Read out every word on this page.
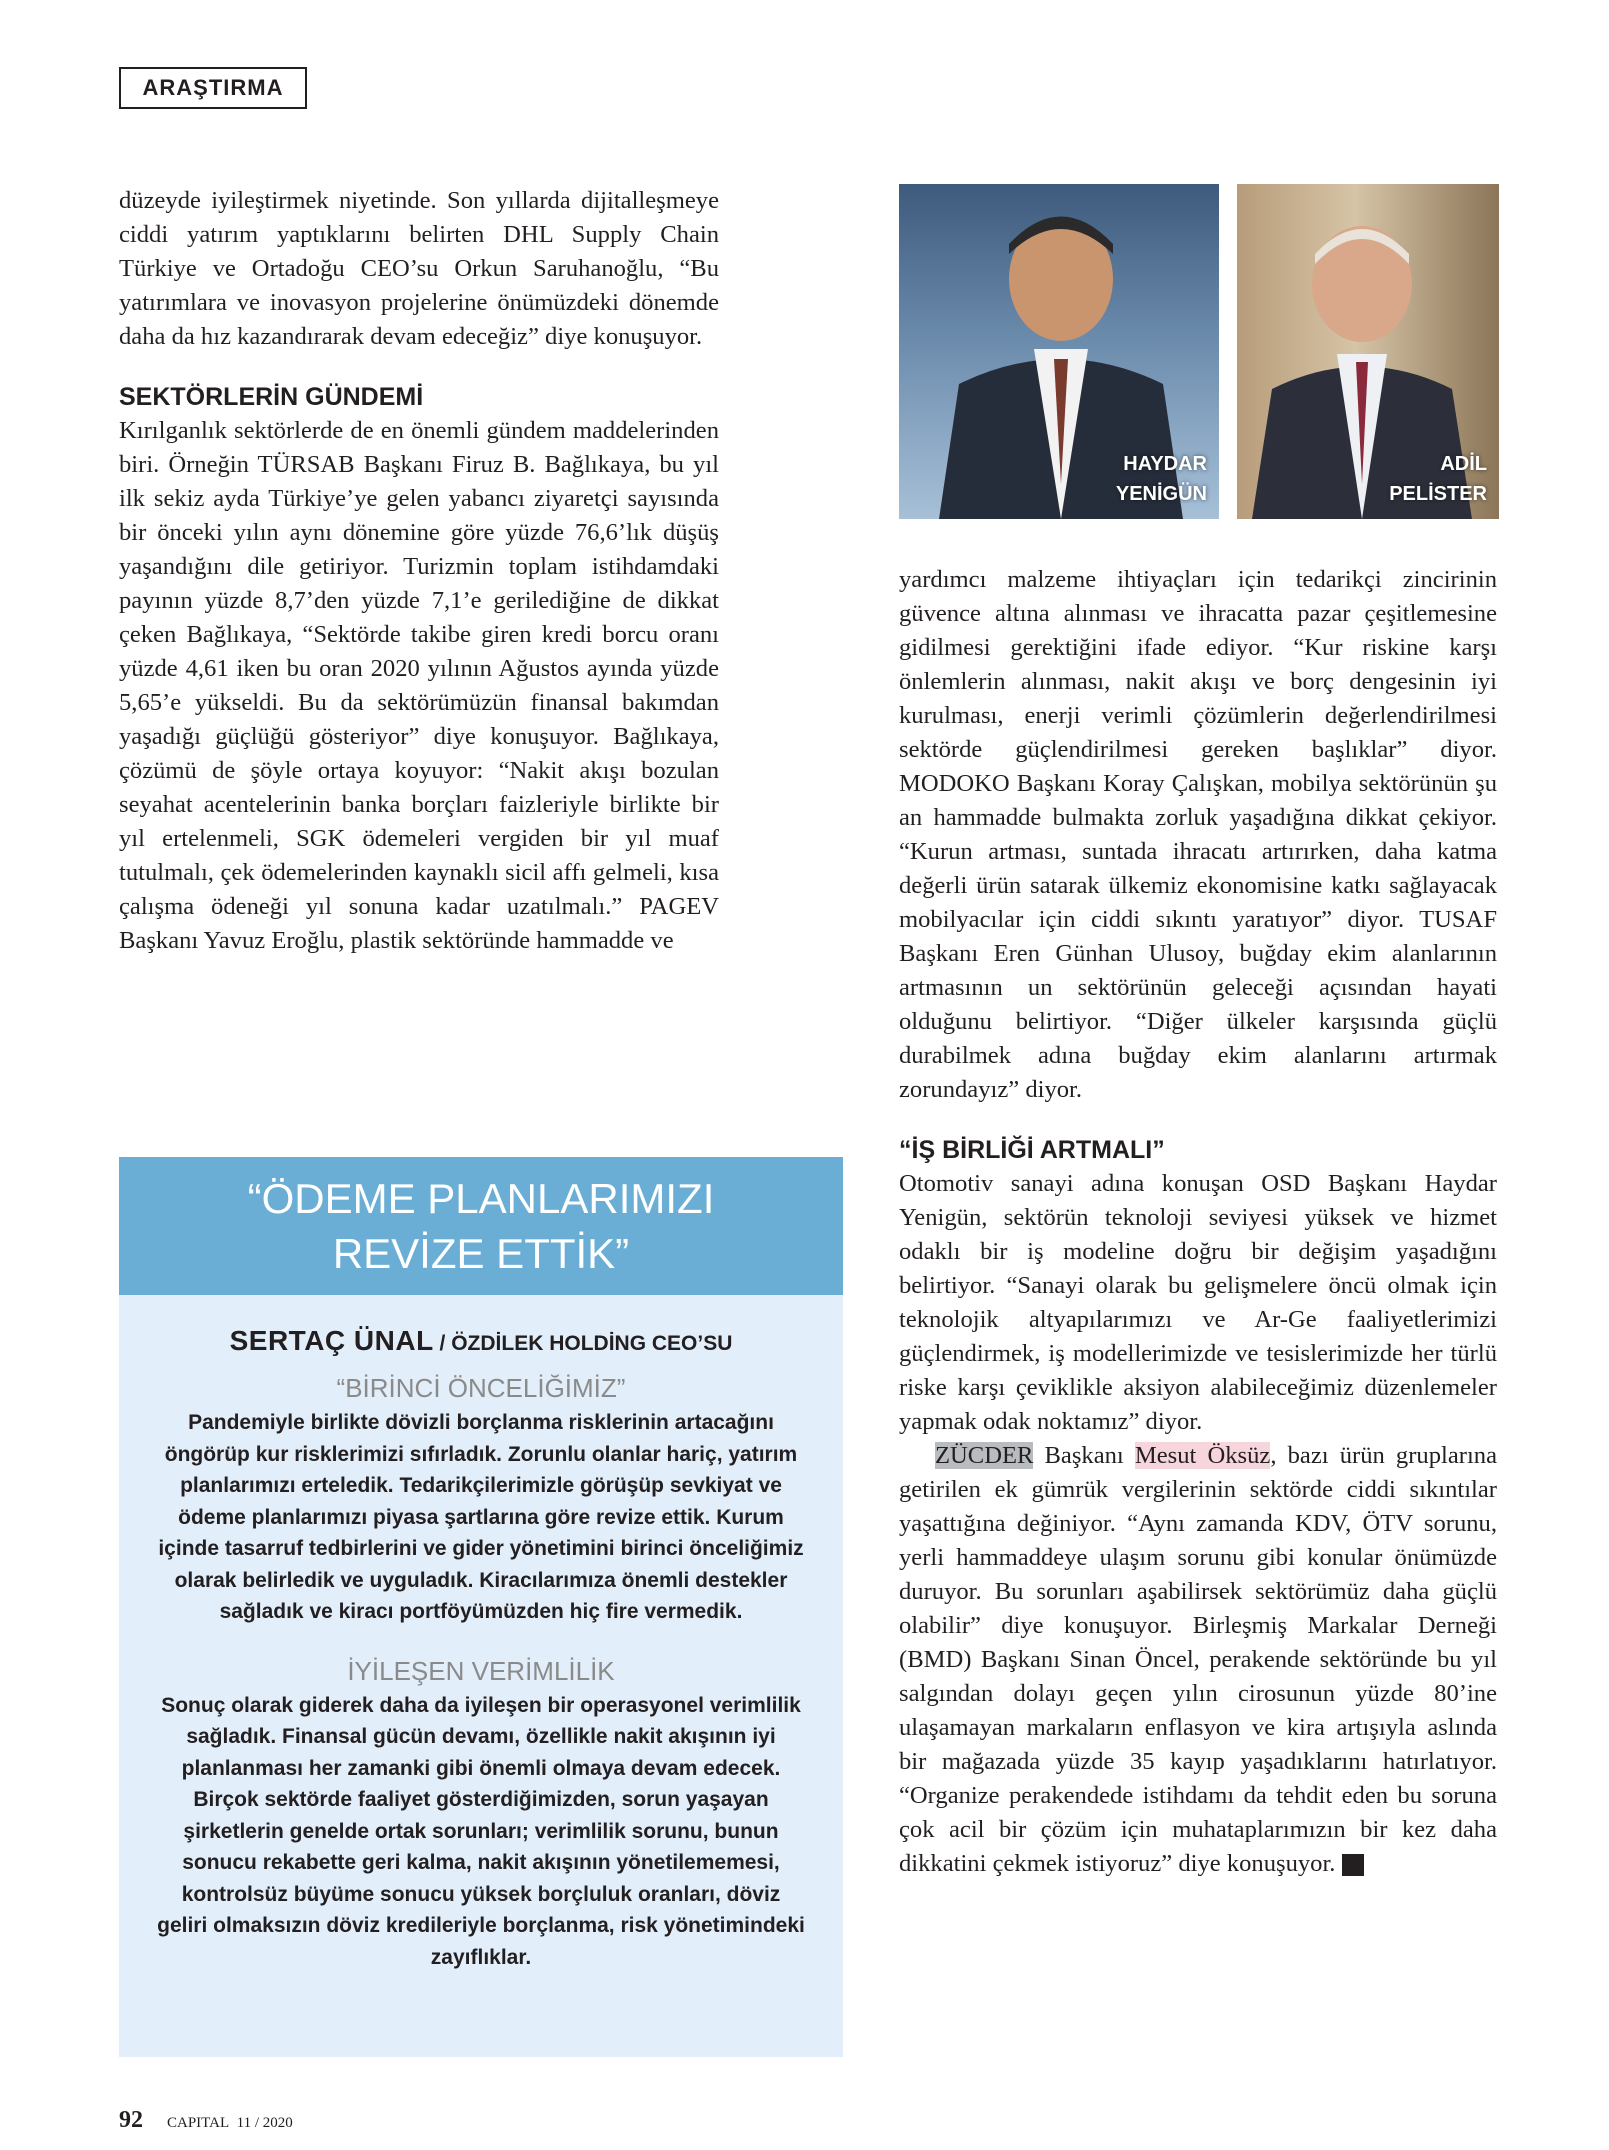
ARAŞTIRMA

düzeyde iyileştirmek niyetinde. Son yıllarda dijitalleşmeye ciddi yatırım yaptıklarını belirten DHL Supply Chain Türkiye ve Ortadoğu CEO’su Orkun Saruhanoğlu, “Bu yatırımlara ve inovasyon projelerine önümüzdeki dönemde daha da hız kazandırarak devam edeceğiz” diye konuşuyor.

SEKTÖRLERİN GÜNDEMİ

Kırılganlık sektörlerde de en önemli gündem maddelerinden biri. Örneğin TÜRSAB Başkanı Firuz B. Bağlıkaya, bu yıl ilk sekiz ayda Türkiye’ye gelen yabancı ziyaretçi sayısında bir önceki yılın aynı dönemine göre yüzde 76,6’lık düşüş yaşandığını dile getiriyor. Turizmin toplam istihdamdaki payının yüzde 8,7’den yüzde 7,1’e gerilediğine de dikkat çeken Bağlıkaya, “Sektörde takibe giren kredi borcu oranı yüzde 4,61 iken bu oran 2020 yılının Ağustos ayında yüzde 5,65’e yükseldi. Bu da sektörümüzün finansal bakımdan yaşadığı güçlüğü gösteriyor” diye konuşuyor. Bağlıkaya, çözümü de şöyle ortaya koyuyor: “Nakit akışı bozulan seyahat acentelerinin banka borçları faizleriyle birlikte bir yıl ertelenmeli, SGK ödemeleri vergiden bir yıl muaf tutulmalı, çek ödemelerinden kaynaklı sicil affı gelmeli, kısa çalışma ödeneği yıl sonuna kadar uzatılmalı.” PAGEV Başkanı Yavuz Eroğlu, plastik sektöründe hammadde ve

HAYDAR
YENİGÜN
ADİL
PELİSTER

yardımcı malzeme ihtiyaçları için tedarikçi zincirinin güvence altına alınması ve ihracatta pazar çeşitlemesine gidilmesi gerektiğini ifade ediyor. “Kur riskine karşı önlemlerin alınması, nakit akışı ve borç dengesinin iyi kurulması, enerji verimli çözümlerin değerlendirilmesi sektörde güçlendirilmesi gereken başlıklar” diyor. MODOKO Başkanı Koray Çalışkan, mobilya sektörünün şu an hammadde bulmakta zorluk yaşadığına dikkat çekiyor. “Kurun artması, suntada ihracatı artırırken, daha katma değerli ürün satarak ülkemiz ekonomisine katkı sağlayacak mobilyacılar için ciddi sıkıntı yaratıyor” diyor. TUSAF Başkanı Eren Günhan Ulusoy, buğday ekim alanlarının artmasının un sektörünün geleceği açısından hayati olduğunu belirtiyor. “Diğer ülkeler karşısında güçlü durabilmek adına buğday ekim alanlarını artırmak zorundayız” diyor.

“İŞ BİRLİĞİ ARTMALI”

Otomotiv sanayi adına konuşan OSD Başkanı Haydar Yenigün, sektörün teknoloji seviyesi yüksek ve hizmet odaklı bir iş modeline doğru bir değişim yaşadığını belirtiyor. “Sanayi olarak bu gelişmelere öncü olmak için teknolojik altyapılarımızı ve Ar-Ge faaliyetlerimizi güçlendirmek, iş modellerimizde ve tesislerimizde her türlü riske karşı çeviklikle aksiyon alabileceğimiz düzenlemeler yapmak odak noktamız” diyor.

ZÜCDER Başkanı Mesut Öksüz, bazı ürün gruplarına getirilen ek gümrük vergilerinin sektörde ciddi sıkıntılar yaşattığına değiniyor. “Aynı zamanda KDV, ÖTV sorunu, yerli hammaddeye ulaşım sorunu gibi konular önümüzde duruyor. Bu sorunları aşabilirsek sektörümüz daha güçlü olabilir” diye konuşuyor. Birleşmiş Markalar Derneği (BMD) Başkanı Sinan Öncel, perakende sektöründe bu yıl salgından dolayı geçen yılın cirosunun yüzde 80’ine ulaşamayan markaların enflasyon ve kira artışıyla aslında bir mağazada yüzde 35 kayıp yaşadıklarını hatırlatıyor. “Organize perakendede istihdamı da tehdit eden bu soruna çok acil bir çözüm için muhataplarımızın bir kez daha dikkatini çekmek istiyoruz” diye konuşuyor. C

“ÖDEME PLANLARIMIZI
REVİZE ETTİK”
SERTAÇ ÜNAL / ÖZDİLEK HOLDİNG CEO’SU
“BİRİNCİ ÖNCELİĞİMİZ”
Pandemiyle birlikte dövizli borçlanma risklerinin artacağını öngörüp kur risklerimizi sıfırladık. Zorunlu olanlar hariç, yatırım planlarımızı erteledik. Tedarikçilerimizle görüşüp sevkiyat ve ödeme planlarımızı piyasa şartlarına göre revize ettik. Kurum içinde tasarruf tedbirlerini ve gider yönetimini birinci önceliğimiz olarak belirledik ve uyguladık. Kiracılarımıza önemli destekler sağladık ve kiracı portföyümüzden hiç fire vermedik.
İYİLEŞEN VERİMLİLİK
Sonuç olarak giderek daha da iyileşen bir operasyonel verimlilik sağladık. Finansal gücün devamı, özellikle nakit akışının iyi planlanması her zamanki gibi önemli olmaya devam edecek. Birçok sektörde faaliyet gösterdiğimizden, sorun yaşayan şirketlerin genelde ortak sorunları; verimlilik sorunu, bunun sonucu rekabette geri kalma, nakit akışının yönetilememesi, kontrolsüz büyüme sonucu yüksek borçluluk oranları, döviz geliri olmaksızın döviz kredileriyle borçlanma, risk yönetimindeki zayıflıklar.
92 CAPITAL 11 / 2020
